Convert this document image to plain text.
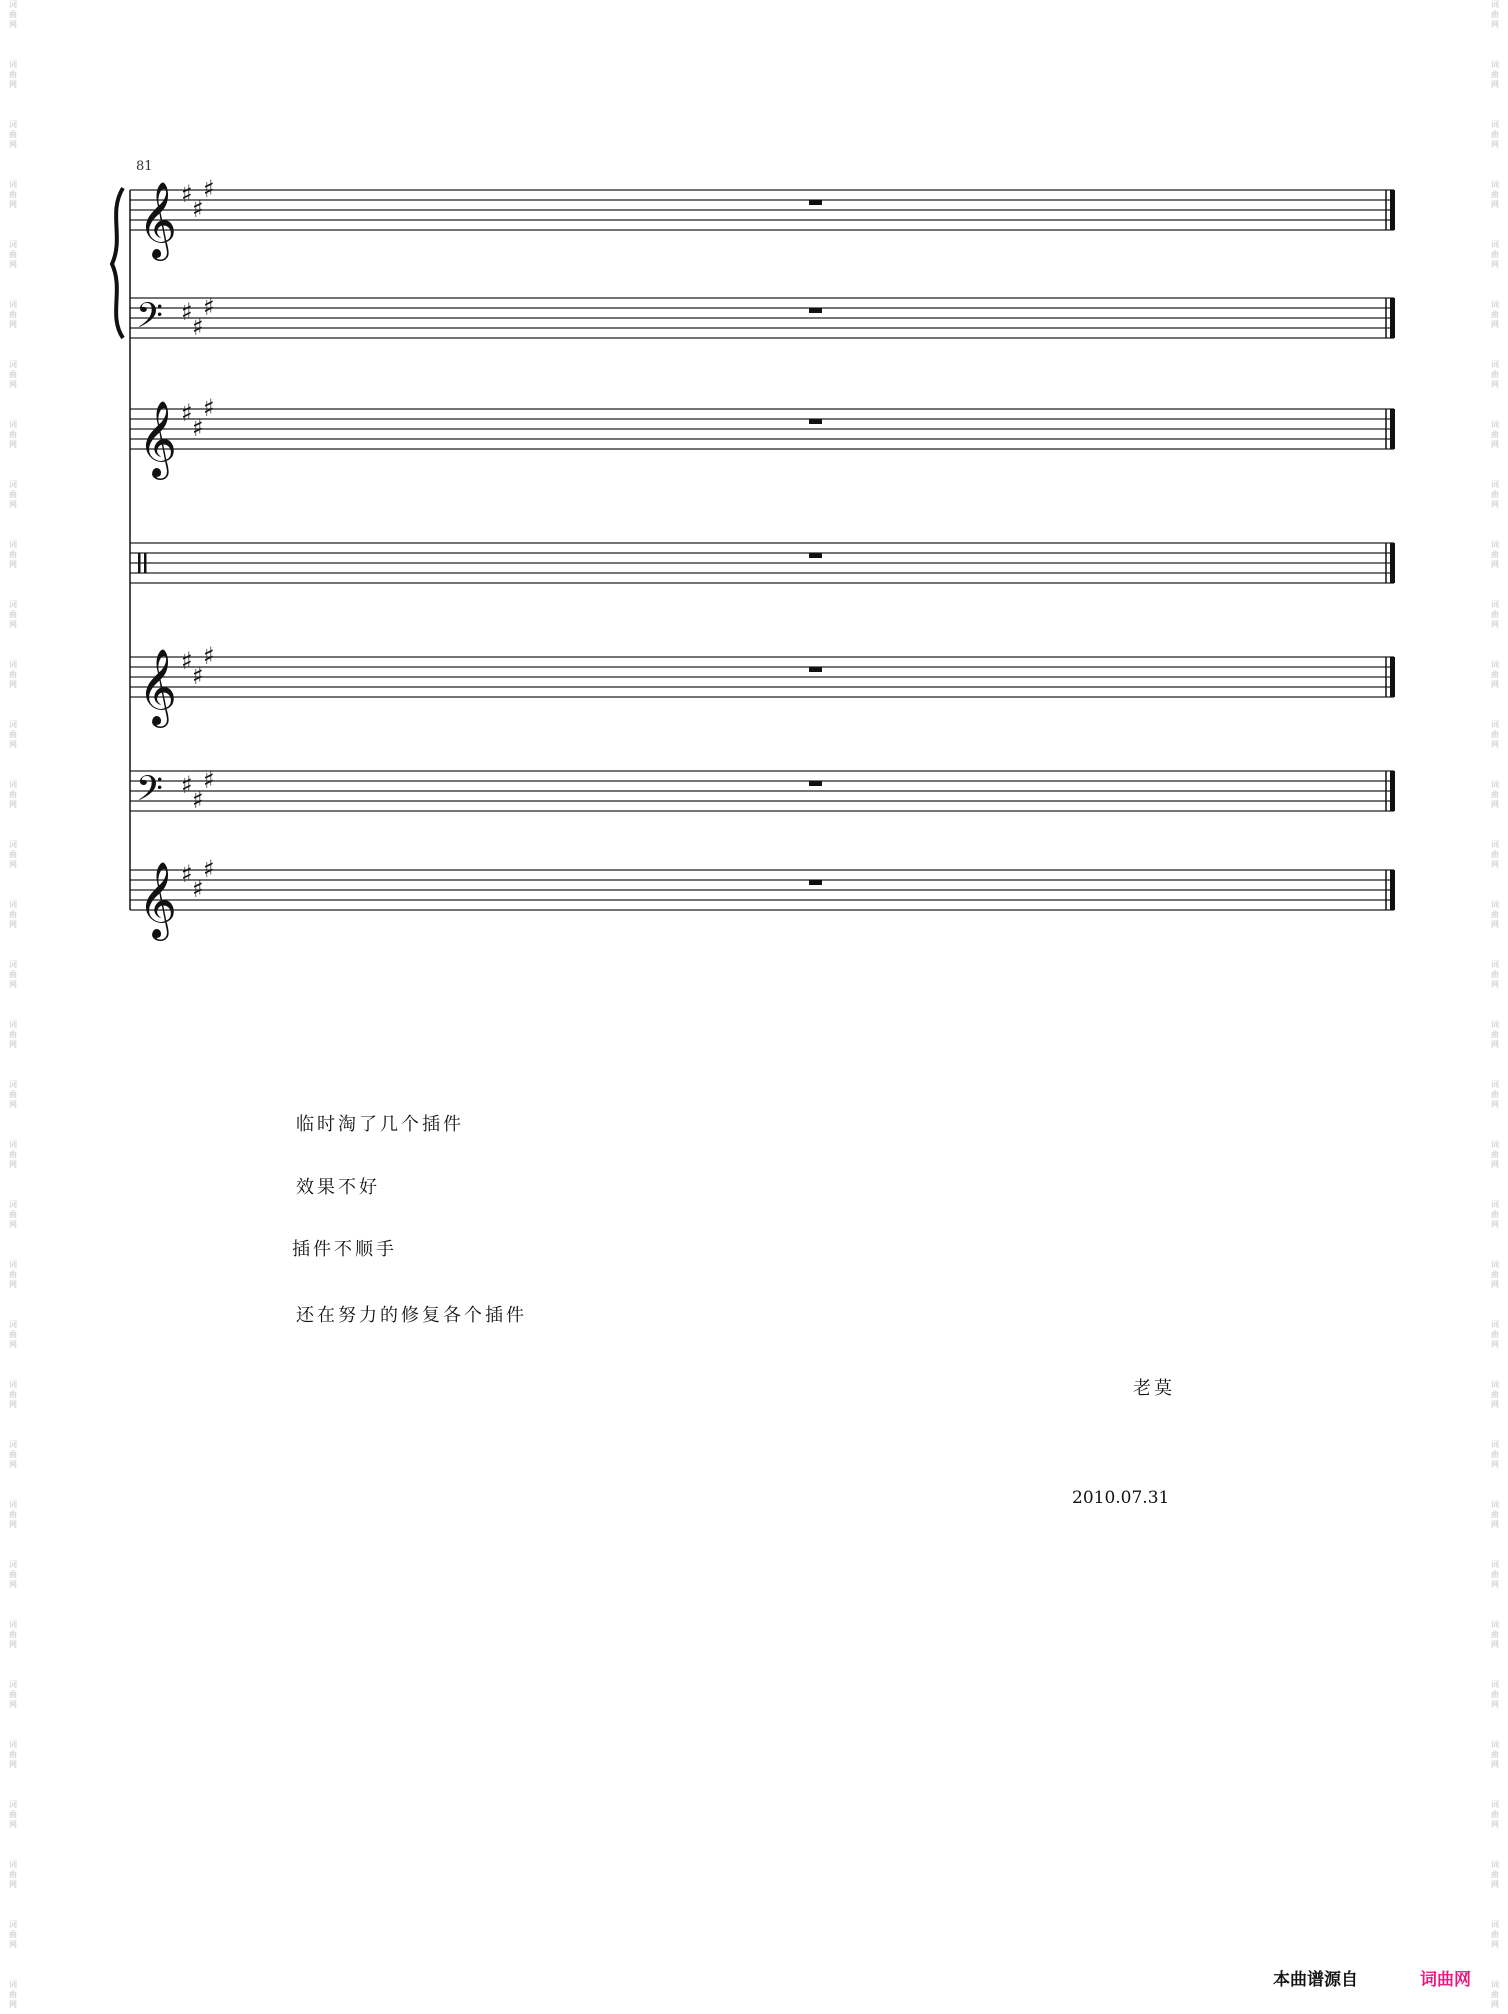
词
曲
网
词
曲
网
词
曲
网
词
曲
网
词
曲
网
词
曲
网
词
曲
网
词
曲
网
词
曲
网
词
曲
网
词
曲
网
词
曲
网
词
曲
网
词
曲
网
词
曲
网
词
曲
网
词
曲
网
词
曲
网
词
曲
网
词
曲
网
词
曲
网
词
曲
网
词
曲
网
词
曲
网
词
曲
网
词
曲
网
词
曲
网
词
曲
网
词
曲
网
词
曲
网
词
曲
网
词
曲
网
词
曲
网
词
曲
网
词
曲
网
词
曲
网
词
曲
网
词
曲
网
词
曲
网
词
曲
网
词
曲
网
词
曲
网
词
曲
网
词
曲
网
词
曲
网
词
曲
网
词
曲
网
词
曲
网
词
曲
网
词
曲
网
词
曲
网
词
曲
网
词
曲
网
词
曲
网
词
曲
网
词
曲
网
词
曲
网
词
曲
网
词
曲
网
词
曲
网
词
曲
网
词
曲
网
词
曲
网
词
曲
网
词
曲
网
词
曲
网
词
曲
网
词
曲
网
81
𝄞 ♯
♯
♯
𝄢 ♯
♯
♯
𝄞 ♯
♯
♯
𝄞 ♯
♯
♯
𝄢 ♯
♯
♯
𝄞 ♯
♯
♯
临时淘了几个插件
效果不好
插件不顺手
还在努力的修复各个插件
老莫
2010.07.31
本曲谱源自	词曲网
